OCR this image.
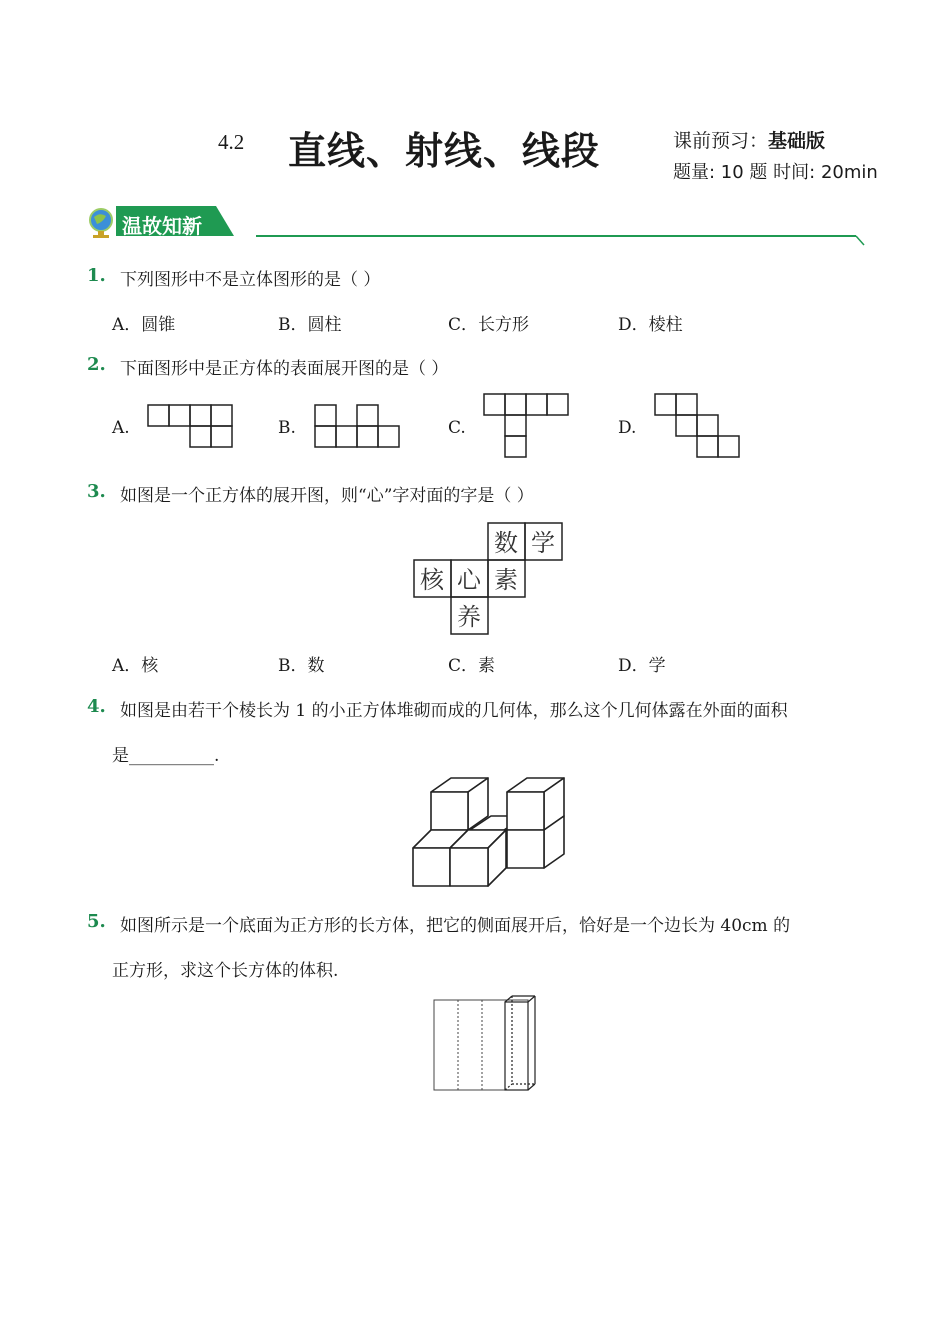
4.2 直线、射线、线段	课前预习：基础版
题量: 10 题 时间: 20min
温故知新
1. 下列图形中不是立体图形的是（ ）
A．圆锥	B．圆柱	C．长方形	D．棱柱
2. 下面图形中是正方体的表面展开图的是（ ）
A.	B.	C.	D.
3. 如图是一个正方体的展开图，则“心”字对面的字是（ ）
数 学
核 心 素
养
A．核	B．数	C．素	D．学
4. 如图是由若干个棱长为 1 的小正方体堆砌而成的几何体，那么这个几何体露在外面的面积
是__________.
5. 如图所示是一个底面为正方形的长方体，把它的侧面展开后，恰好是一个边长为 40cm 的
正方形，求这个长方体的体积.
